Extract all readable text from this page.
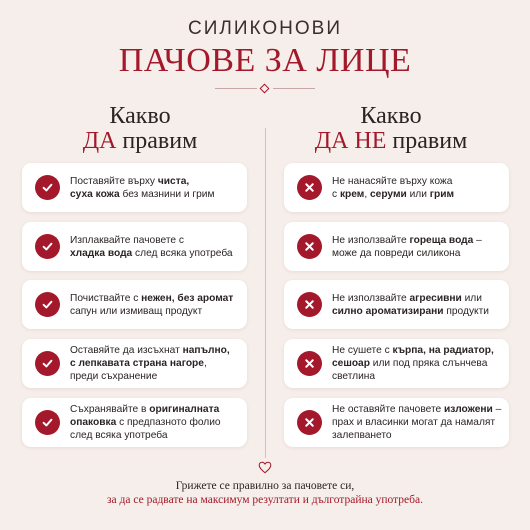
СИЛИКОНОВИ
ПАЧОВЕ ЗА ЛИЦЕ
Какво
ДА правим
Какво
ДА НЕ правим
Поставяйте върху чиста,
суха кожа без мазнини и грим
Изплаквайте пачовете с
хладка вода след всяка употреба
Почиствайте с нежен, без аромат
сапун или измиващ продукт
Оставяйте да изсъхнат напълно,
с лепкавата страна нагоре,
преди съхранение
Съхранявайте в оригиналната
опаковка с предпазното фолио
след всяка употреба
Не нанасяйте върху кожа
с крем, серуми или грим
Не използвайте гореща вода –
може да повреди силикона
Не използвайте агресивни или
силно ароматизирани продукти
Не сушете с кърпа, на радиатор,
сешоар или под пряка слънчева
светлина
Не оставяйте пачовете изложени –
прах и власинки могат да намалят
залепването
Грижете се правилно за пачовете си,
за да се радвате на максимум резултати и дълготрайна употреба.
